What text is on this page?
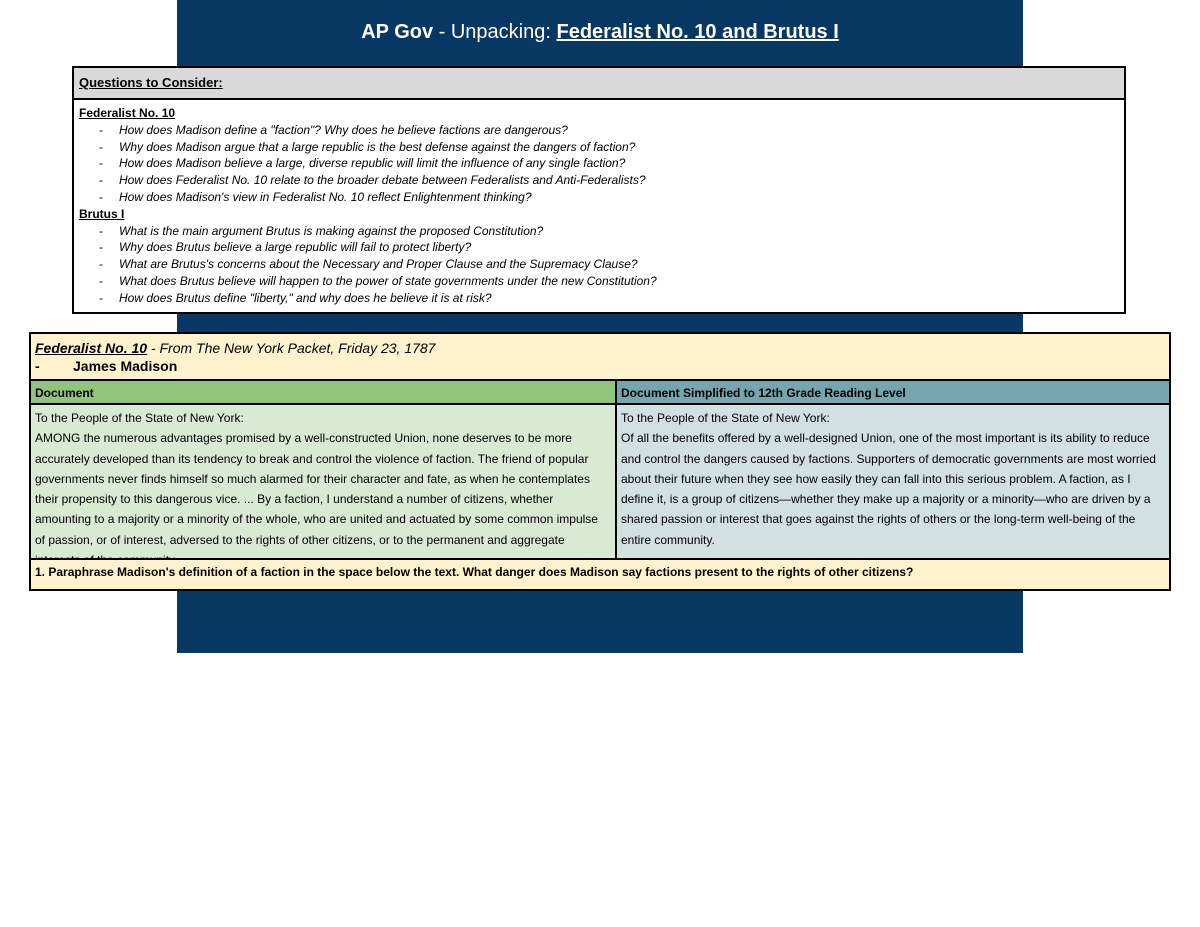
AP Gov - Unpacking: Federalist No. 10 and Brutus I
Questions to Consider:
Federalist No. 10
- How does Madison define a "faction"? Why does he believe factions are dangerous?
- Why does Madison argue that a large republic is the best defense against the dangers of faction?
- How does Madison believe a large, diverse republic will limit the influence of any single faction?
- How does Federalist No. 10 relate to the broader debate between Federalists and Anti-Federalists?
- How does Madison's view in Federalist No. 10 reflect Enlightenment thinking?
Brutus I
- What is the main argument Brutus is making against the proposed Constitution?
- Why does Brutus believe a large republic will fail to protect liberty?
- What are Brutus's concerns about the Necessary and Proper Clause and the Supremacy Clause?
- What does Brutus believe will happen to the power of state governments under the new Constitution?
- How does Brutus define "liberty," and why does he believe it is at risk?
Federalist No. 10 - From The New York Packet, Friday 23, 1787
- James Madison
Document	Document Simplified to 12th Grade Reading Level

To the People of the State of New York:

AMONG the numerous advantages promised by a well-constructed Union, none deserves to be more accurately developed than its tendency to break and control the violence of faction. The friend of popular governments never finds himself so much alarmed for their character and fate, as when he contemplates their propensity to this dangerous vice. ... By a faction, I understand a number of citizens, whether amounting to a majority or a minority of the whole, who are united and actuated by some common impulse of passion, or of interest, adversed to the rights of other citizens, or to the permanent and aggregate

To the People of the State of New York:

Of all the benefits offered by a well-designed Union, one of the most important is its ability to reduce and control the dangers caused by factions. Supporters of democratic governments are most worried about their future when they see how easily they can fall into this serious problem. A faction, as I define it, is a group of citizens—whether they make up a majority or a minority—who are driven by a shared passion or interest that goes against the rights of others or the long-term well-being of the entire community.

1. Paraphrase Madison's definition of a faction in the space below the text. What danger does Madison say factions present to the rights of other citizens?
